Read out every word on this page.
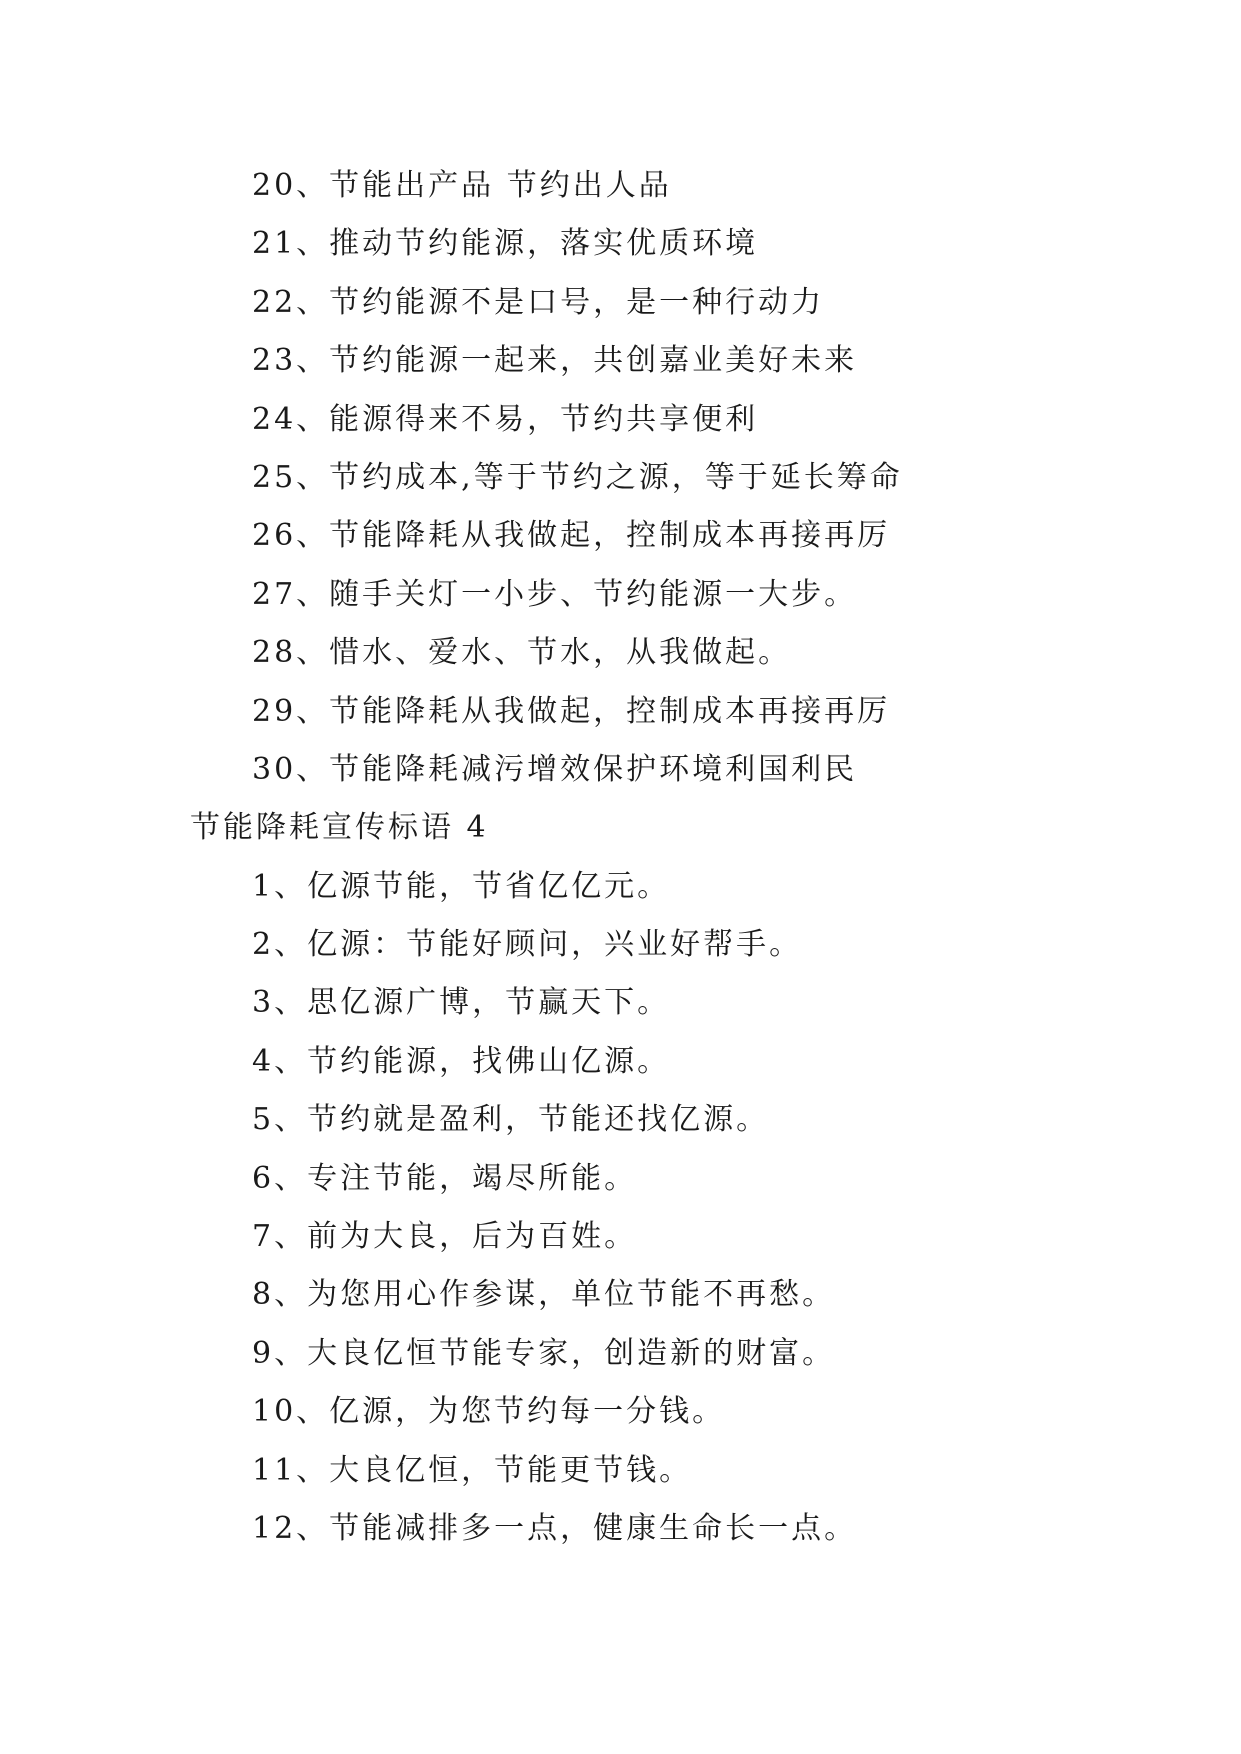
20、节能出产品 节约出人品
21、推动节约能源，落实优质环境
22、节约能源不是口号，是一种行动力
23、节约能源一起来，共创嘉业美好未来
24、能源得来不易，节约共享便利
25、节约成本,等于节约之源，等于延长筹命
26、节能降耗从我做起，控制成本再接再厉
27、随手关灯一小步、节约能源一大步。
28、惜水、爱水、节水，从我做起。
29、节能降耗从我做起，控制成本再接再厉
30、节能降耗减污增效保护环境利国利民
节能降耗宣传标语 4
1、亿源节能，节省亿亿元。
2、亿源：节能好顾问，兴业好帮手。
3、思亿源广博，节赢天下。
4、节约能源，找佛山亿源。
5、节约就是盈利，节能还找亿源。
6、专注节能，竭尽所能。
7、前为大良，后为百姓。
8、为您用心作参谋，单位节能不再愁。
9、大良亿恒节能专家，创造新的财富。
10、亿源，为您节约每一分钱。
11、大良亿恒，节能更节钱。
12、节能减排多一点，健康生命长一点。
